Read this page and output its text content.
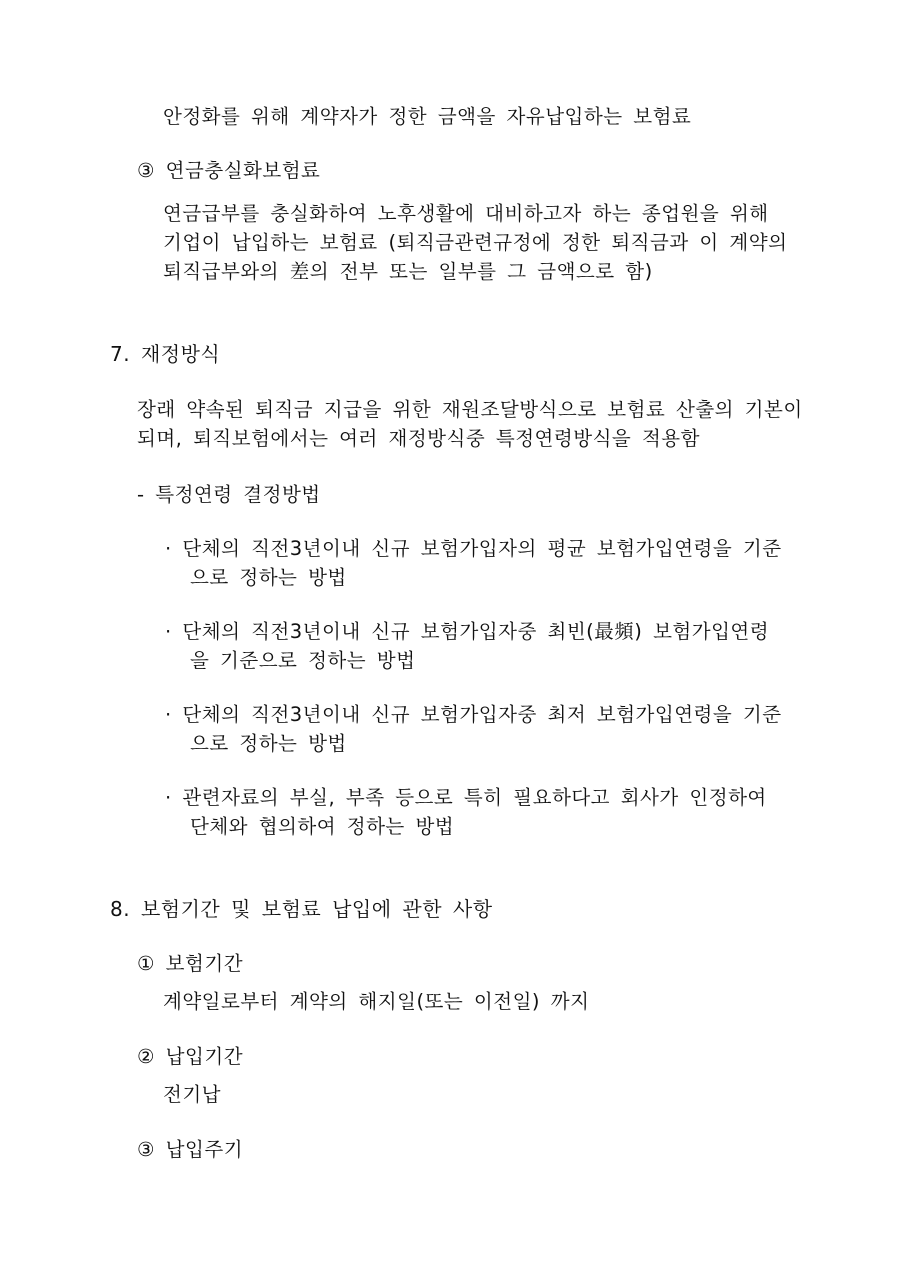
안정화를 위해 계약자가 정한 금액을 자유납입하는 보험료
③ 연금충실화보험료
연금급부를 충실화하여 노후생활에 대비하고자 하는 종업원을 위해
기업이 납입하는 보험료 (퇴직금관련규정에 정한 퇴직금과 이 계약의
퇴직급부와의 差의 전부 또는 일부를 그 금액으로 함)
7. 재정방식
장래 약속된 퇴직금 지급을 위한 재원조달방식으로 보험료 산출의 기본이
되며, 퇴직보험에서는 여러 재정방식중 특정연령방식을 적용함
- 특정연령 결정방법
· 단체의 직전3년이내 신규 보험가입자의 평균 보험가입연령을 기준
으로 정하는 방법
· 단체의 직전3년이내 신규 보험가입자중 최빈(最頻) 보험가입연령
을 기준으로 정하는 방법
· 단체의 직전3년이내 신규 보험가입자중 최저 보험가입연령을 기준
으로 정하는 방법
· 관련자료의 부실, 부족 등으로 특히 필요하다고 회사가 인정하여
단체와 협의하여 정하는 방법
8. 보험기간 및 보험료 납입에 관한 사항
① 보험기간
계약일로부터 계약의 해지일(또는 이전일) 까지
② 납입기간
전기납
③ 납입주기
